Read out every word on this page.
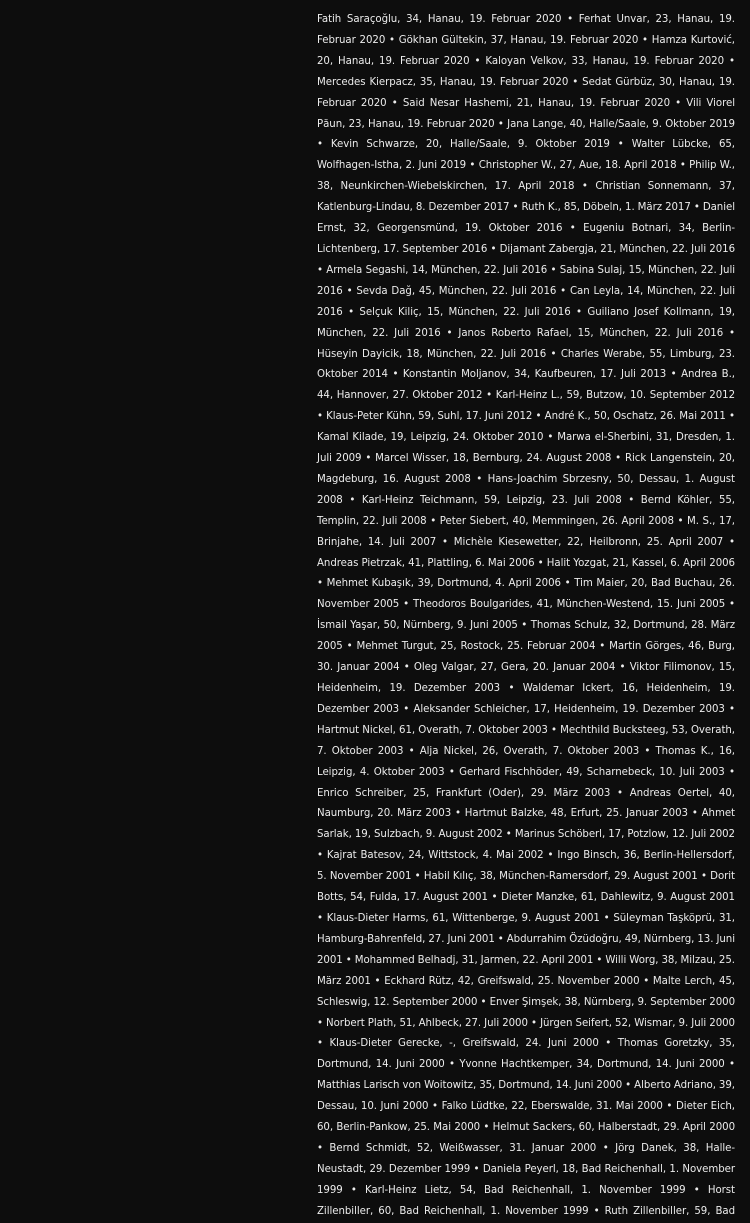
Fatih Saraçoğlu, 34, Hanau, 19. Februar 2020 • Ferhat Unvar, 23, Hanau, 19. Februar 2020 • Gökhan Gültekin, 37, Hanau, 19. Februar 2020 • Hamza Kurtović, 20, Hanau, 19. Februar 2020 • Kaloyan Velkov, 33, Hanau, 19. Februar 2020 • Mercedes Kierpacz, 35, Hanau, 19. Februar 2020 • Sedat Gürbüz, 30, Hanau, 19. Februar 2020 • Said Nesar Hashemi, 21, Hanau, 19. Februar 2020 • Vili Viorel Păun, 23, Hanau, 19. Februar 2020 • Jana Lange, 40, Halle/Saale, 9. Oktober 2019 • Kevin Schwarze, 20, Halle/Saale, 9. Oktober 2019 • Walter Lübcke, 65, Wolfhagen-Istha, 2. Juni 2019 • Christopher W., 27, Aue, 18. April 2018 • Philip W., 38, Neunkirchen-Wiebelskirchen, 17. April 2018 • Christian Sonnemann, 37, Katlenburg-Lindau, 8. Dezember 2017 • Ruth K., 85, Döbeln, 1. März 2017 • Daniel Ernst, 32, Georgensmünd, 19. Oktober 2016 • Eugeniu Botnari, 34, Berlin-Lichtenberg, 17. September 2016 • Dijamant Zabergja, 21, München, 22. Juli 2016 • Armela Segashi, 14, München, 22. Juli 2016 • Sabina Sulaj, 15, München, 22. Juli 2016 • Sevda Dağ, 45, München, 22. Juli 2016 • Can Leyla, 14, München, 22. Juli 2016 • Selçuk Kiliç, 15, München, 22. Juli 2016 • Guiliano Josef Kollmann, 19, München, 22. Juli 2016 • Janos Roberto Rafael, 15, München, 22. Juli 2016 • Hüseyin Dayicik, 18, München, 22. Juli 2016 • Charles Werabe, 55, Limburg, 23. Oktober 2014 • Konstantin Moljanov, 34, Kaufbeuren, 17. Juli 2013 • Andrea B., 44, Hannover, 27. Oktober 2012 • Karl-Heinz L., 59, Butzow, 10. September 2012 • Klaus-Peter Kühn, 59, Suhl, 17. Juni 2012 • André K., 50, Oschatz, 26. Mai 2011 • Kamal Kilade, 19, Leipzig, 24. Oktober 2010 • Marwa el-Sherbini, 31, Dresden, 1. Juli 2009 • Marcel Wisser, 18, Bernburg, 24. August 2008 • Rick Langenstein, 20, Magdeburg, 16. August 2008 • Hans-Joachim Sbrzesny, 50, Dessau, 1. August 2008 • Karl-Heinz Teichmann, 59, Leipzig, 23. Juli 2008 • Bernd Köhler, 55, Templin, 22. Juli 2008 • Peter Siebert, 40, Memmingen, 26. April 2008 • M. S., 17, Brinjahe, 14. Juli 2007 • Michèle Kiesewetter, 22, Heilbronn, 25. April 2007 • Andreas Pietrzak, 41, Plattling, 6. Mai 2006 • Halit Yozgat, 21, Kassel, 6. April 2006 • Mehmet Kubaşık, 39, Dortmund, 4. April 2006 • Tim Maier, 20, Bad Buchau, 26. November 2005 • Theodoros Boulgarides, 41, München-Westend, 15. Juni 2005 • İsmail Yaşar, 50, Nürnberg, 9. Juni 2005 • Thomas Schulz, 32, Dortmund, 28. März 2005 • Mehmet Turgut, 25, Rostock, 25. Februar 2004 • Martin Görges, 46, Burg, 30. Januar 2004 • Oleg Valgar, 27, Gera, 20. Januar 2004 • Viktor Filimonov, 15, Heidenheim, 19. Dezember 2003 • Waldemar Ickert, 16, Heidenheim, 19. Dezember 2003 • Aleksander Schleicher, 17, Heidenheim, 19. Dezember 2003 • Hartmut Nickel, 61, Overath, 7. Oktober 2003 • Mechthild Bucksteeg, 53, Overath, 7. Oktober 2003 • Alja Nickel, 26, Overath, 7. Oktober 2003 • Thomas K., 16, Leipzig, 4. Oktober 2003 • Gerhard Fischhöder, 49, Scharnebeck, 10. Juli 2003 • Enrico Schreiber, 25, Frankfurt (Oder), 29. März 2003 • Andreas Oertel, 40, Naumburg, 20. März 2003 • Hartmut Balzke, 48, Erfurt, 25. Januar 2003 • Ahmet Sarlak, 19, Sulzbach, 9. August 2002 • Marinus Schöberl, 17, Potzlow, 12. Juli 2002 • Kajrat Batesov, 24, Wittstock, 4. Mai 2002 • Ingo Binsch, 36, Berlin-Hellersdorf, 5. November 2001 • Habil Kılıç, 38, München-Ramersdorf, 29. August 2001 • Dorit Botts, 54, Fulda, 17. August 2001 • Dieter Manzke, 61, Dahlewitz, 9. August 2001 • Klaus-Dieter Harms, 61, Wittenberge, 9. August 2001 • Süleyman Taşköprü, 31, Hamburg-Bahrenfeld, 27. Juni 2001 • Abdurrahim Özüdoğru, 49, Nürnberg, 13. Juni 2001 • Mohammed Belhadj, 31, Jarmen, 22. April 2001 • Willi Worg, 38, Milzau, 25. März 2001 • Eckhard Rütz, 42, Greifswald, 25. November 2000 • Malte Lerch, 45, Schleswig, 12. September 2000 • Enver Şimşek, 38, Nürnberg, 9. September 2000 • Norbert Plath, 51, Ahlbeck, 27. Juli 2000 • Jürgen Seifert, 52, Wismar, 9. Juli 2000 • Klaus-Dieter Gerecke, -, Greifswald, 24. Juni 2000 • Thomas Goretzky, 35, Dortmund, 14. Juni 2000 • Yvonne Hachtkemper, 34, Dortmund, 14. Juni 2000 • Matthias Larisch von Woitowitz, 35, Dortmund, 14. Juni 2000 • Alberto Adriano, 39, Dessau, 10. Juni 2000 • Falko Lüdtke, 22, Eberswalde, 31. Mai 2000 • Dieter Eich, 60, Berlin-Pankow, 25. Mai 2000 • Helmut Sackers, 60, Halberstadt, 29. April 2000 • Bernd Schmidt, 52, Weißwasser, 31. Januar 2000 • Jörg Danek, 38, Halle-Neustadt, 29. Dezember 1999 • Daniela Peyerl, 18, Bad Reichenhall, 1. November 1999 • Karl-Heinz Lietz, 54, Bad Reichenhall, 1. November 1999 • Horst Zillenbiller, 60, Bad Reichenhall, 1. November 1999 • Ruth Zillenbiller, 59, Bad
